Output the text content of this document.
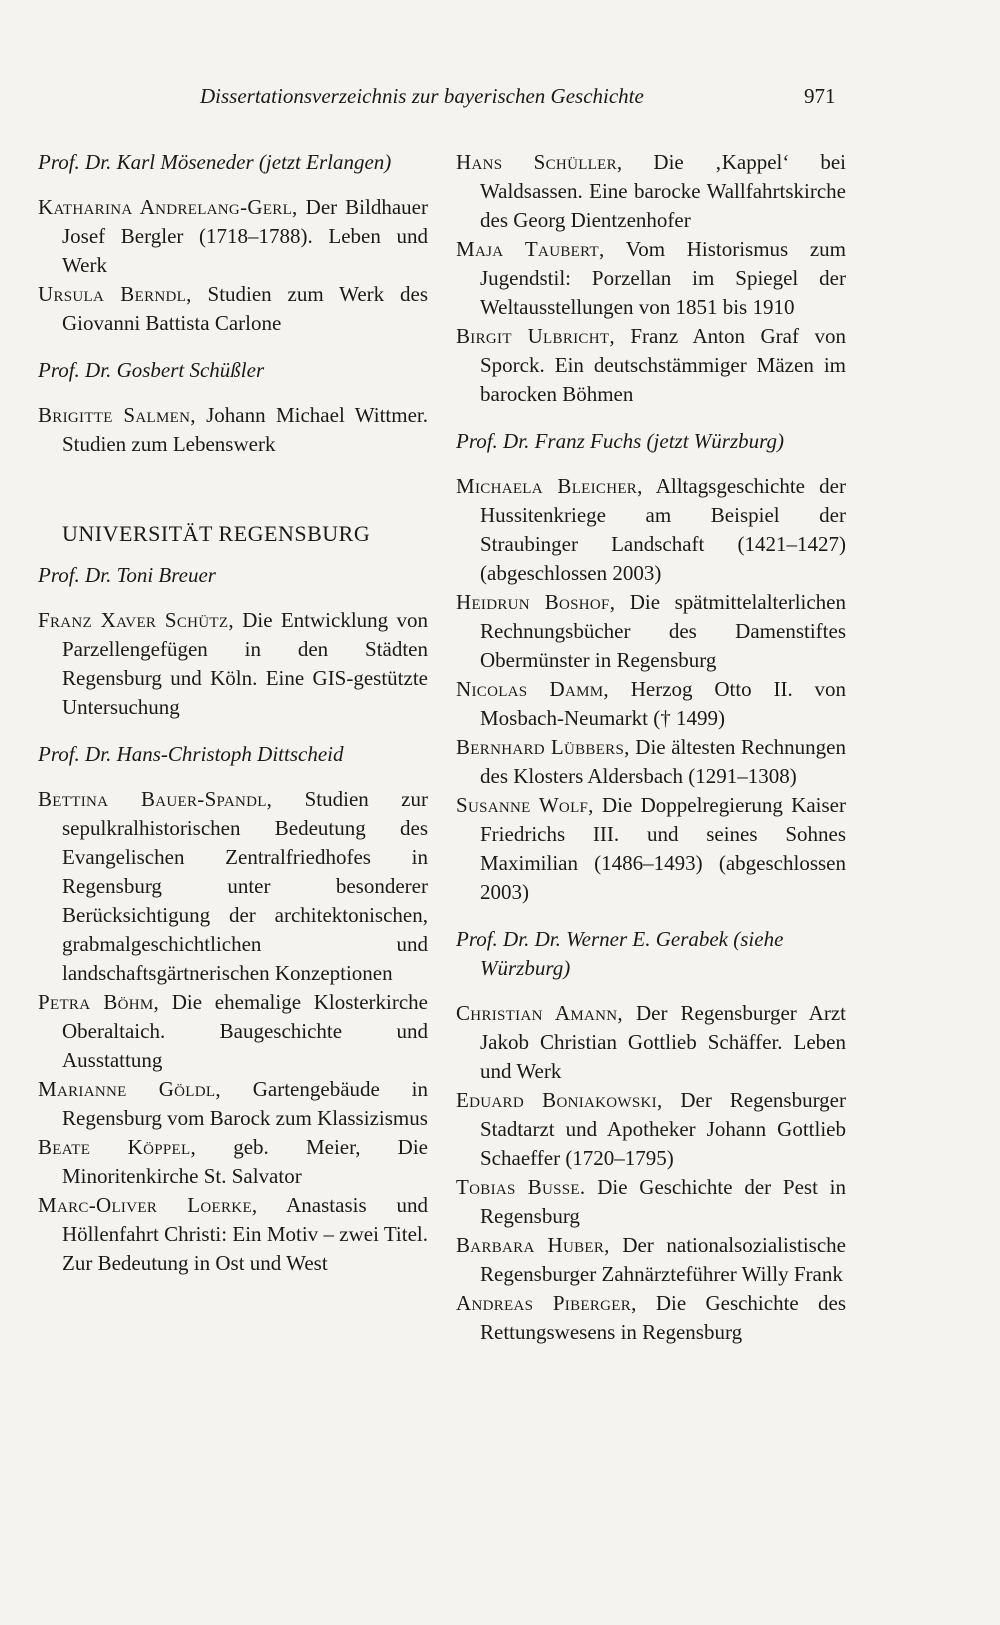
Dissertationsverzeichnis zur bayerischen Geschichte	971
Prof. Dr. Karl Möseneder (jetzt Erlangen)
Katharina Andrelang-Gerl, Der Bildhauer Josef Bergler (1718–1788). Leben und Werk
Ursula Berndl, Studien zum Werk des Giovanni Battista Carlone
Prof. Dr. Gosbert Schüßler
Brigitte Salmen, Johann Michael Wittmer. Studien zum Lebenswerk
UNIVERSITÄT REGENSBURG
Prof. Dr. Toni Breuer
Franz Xaver Schütz, Die Entwicklung von Parzellengefügen in den Städten Regensburg und Köln. Eine GIS-gestützte Untersuchung
Prof. Dr. Hans-Christoph Dittscheid
Bettina Bauer-Spandl, Studien zur sepulkralhistorischen Bedeutung des Evangelischen Zentralfriedhofes in Regensburg unter besonderer Berücksichtigung der architektonischen, grabmalgeschichtlichen und landschaftsgärtnerischen Konzeptionen
Petra Böhm, Die ehemalige Klosterkirche Oberaltaich. Baugeschichte und Ausstattung
Marianne Göldl, Gartengebäude in Regensburg vom Barock zum Klassizismus
Beate Köppel, geb. Meier, Die Minoritenkirche St. Salvator
Marc-Oliver Loerke, Anastasis und Höllenfahrt Christi: Ein Motiv – zwei Titel. Zur Bedeutung in Ost und West
Hans Schüller, Die ‚Kappel‘ bei Waldsassen. Eine barocke Wallfahrtskirche des Georg Dientzenhofer
Maja Taubert, Vom Historismus zum Jugendstil: Porzellan im Spiegel der Weltausstellungen von 1851 bis 1910
Birgit Ulbricht, Franz Anton Graf von Sporck. Ein deutschstämmiger Mäzen im barocken Böhmen
Prof. Dr. Franz Fuchs (jetzt Würzburg)
Michaela Bleicher, Alltagsgeschichte der Hussitenkriege am Beispiel der Straubinger Landschaft (1421–1427) (abgeschlossen 2003)
Heidrun Boshof, Die spätmittelalterlichen Rechnungsbücher des Damenstiftes Obermünster in Regensburg
Nicolas Damm, Herzog Otto II. von Mosbach-Neumarkt († 1499)
Bernhard Lübbers, Die ältesten Rechnungen des Klosters Aldersbach (1291–1308)
Susanne Wolf, Die Doppelregierung Kaiser Friedrichs III. und seines Sohnes Maximilian (1486–1493) (abgeschlossen 2003)
Prof. Dr. Dr. Werner E. Gerabek (siehe Würzburg)
Christian Amann, Der Regensburger Arzt Jakob Christian Gottlieb Schäffer. Leben und Werk
Eduard Boniakowski, Der Regensburger Stadtarzt und Apotheker Johann Gottlieb Schaeffer (1720–1795)
Tobias Busse. Die Geschichte der Pest in Regensburg
Barbara Huber, Der nationalsozialistische Regensburger Zahnärzteführer Willy Frank
Andreas Piberger, Die Geschichte des Rettungswesens in Regensburg
